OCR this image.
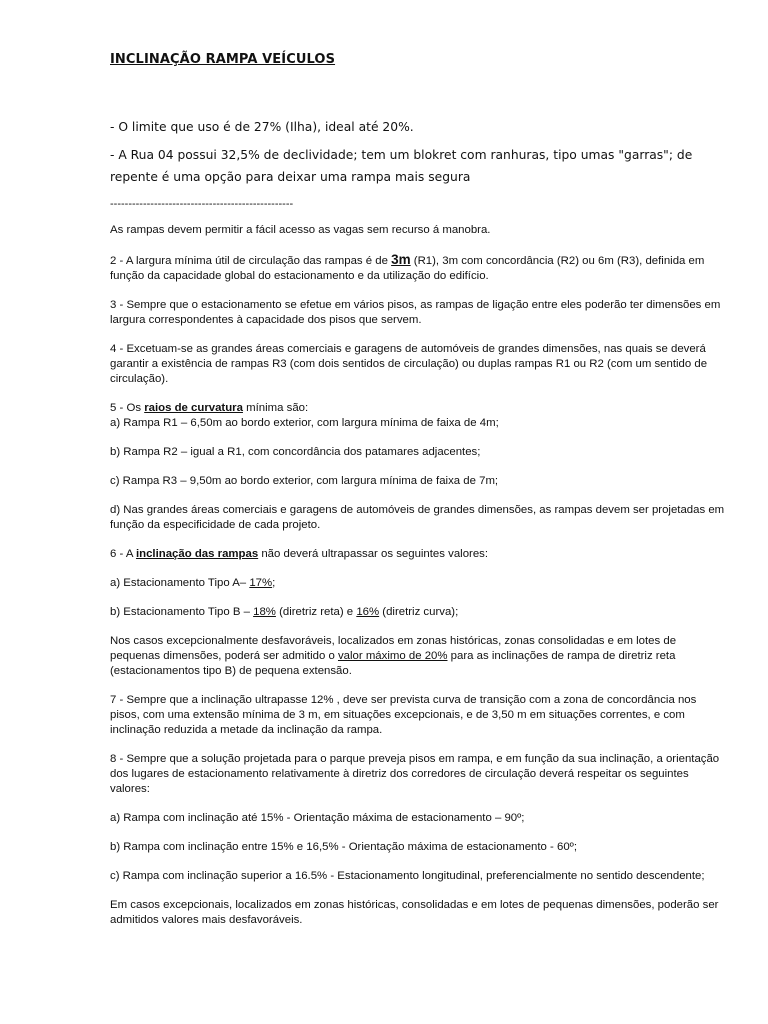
INCLINAÇÃO RAMPA VEÍCULOS

- O limite que uso é de 27% (Ilha), ideal até 20%.

- A Rua 04 possui 32,5% de declividade; tem um blokret com ranhuras, tipo umas "garras"; de repente é uma opção para deixar uma rampa mais segura

--------------------------------------------------

As rampas devem permitir a fácil acesso as vagas sem recurso á manobra.

2 - A largura mínima útil de circulação das rampas é de 3m (R1), 3m com concordância (R2) ou 6m (R3), definida em função da capacidade global do estacionamento e da utilização do edifício.

3 - Sempre que o estacionamento se efetue em vários pisos, as rampas de ligação entre eles poderão ter dimensões em largura correspondentes à capacidade dos pisos que servem.

4 - Excetuam-se as grandes áreas comerciais e garagens de automóveis de grandes dimensões, nas quais se deverá garantir a existência de rampas R3 (com dois sentidos de circulação) ou duplas rampas R1 ou R2 (com um sentido de circulação).

5 - Os raios de curvatura mínima são:

a) Rampa R1 – 6,50m ao bordo exterior, com largura mínima de faixa de 4m;

b) Rampa R2 – igual a R1, com concordância dos patamares adjacentes;

c) Rampa R3 – 9,50m ao bordo exterior, com largura mínima de faixa de 7m;

d) Nas grandes áreas comerciais e garagens de automóveis de grandes dimensões, as rampas devem ser projetadas em função da especificidade de cada projeto.

6 - A inclinação das rampas não deverá ultrapassar os seguintes valores:

a) Estacionamento Tipo A– 17%;

b) Estacionamento Tipo B – 18% (diretriz reta) e 16% (diretriz curva);

Nos casos excepcionalmente desfavoráveis, localizados em zonas históricas, zonas consolidadas e em lotes de pequenas dimensões, poderá ser admitido o valor máximo de 20% para as inclinações de rampa de diretriz reta (estacionamentos tipo B) de pequena extensão.

7 - Sempre que a inclinação ultrapasse 12% , deve ser prevista curva de transição com a zona de concordância nos pisos, com uma extensão mínima de 3 m, em situações excepcionais, e de 3,50 m em situações correntes, e com inclinação reduzida a metade da inclinação da rampa.

8 - Sempre que a solução projetada para o parque preveja pisos em rampa, e em função da sua inclinação, a orientação dos lugares de estacionamento relativamente à diretriz dos corredores de circulação deverá respeitar os seguintes valores:

a) Rampa com inclinação até 15% - Orientação máxima de estacionamento – 90º;

b) Rampa com inclinação entre 15% e 16,5% - Orientação máxima de estacionamento - 60º;

c) Rampa com inclinação superior a 16.5% - Estacionamento longitudinal, preferencialmente no sentido descendente;

Em casos excepcionais, localizados em zonas históricas, consolidadas e em lotes de pequenas dimensões, poderão ser admitidos valores mais desfavoráveis.
